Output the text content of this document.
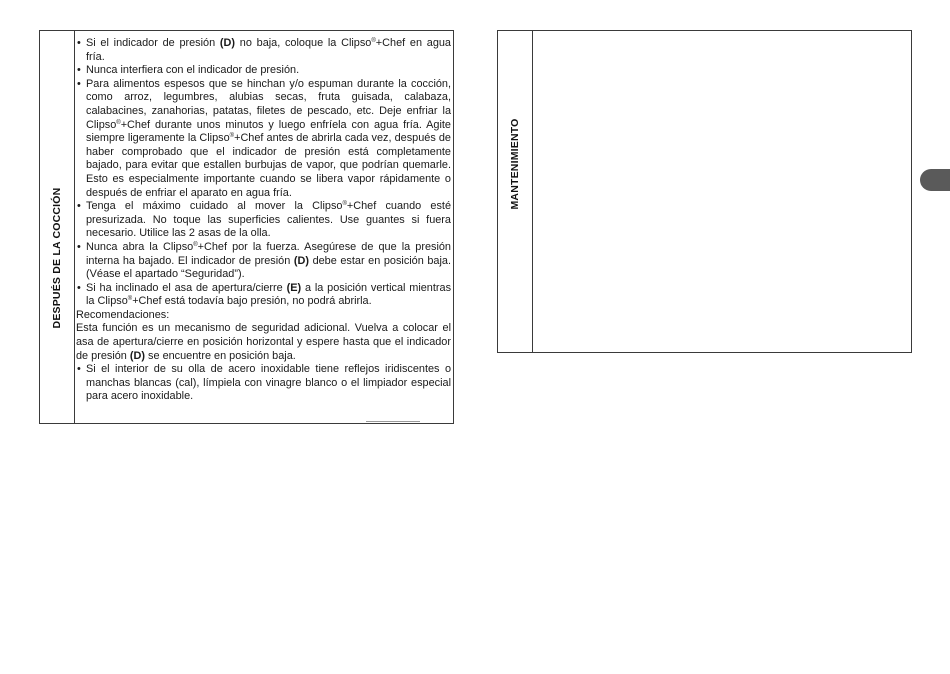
DESPUÉS DE LA COCCIÓN
• Si el indicador de presión (D) no baja, coloque la Clipso®+Chef en agua fría.
• Nunca interfiera con el indicador de presión.
• Para alimentos espesos que se hinchan y/o espuman durante la cocción, como arroz, legumbres, alubias secas, fruta guisada, calabaza, calabacines, zanahorias, patatas, filetes de pescado, etc. Deje enfriar la Clipso®+Chef durante unos minutos y luego enfríela con agua fría. Agite siempre ligeramente la Clipso®+Chef antes de abrirla cada vez, después de haber comprobado que el indicador de presión está completamente bajado, para evitar que estallen burbujas de vapor, que podrían quemarle. Esto es especialmente importante cuando se libera vapor rápidamente o después de enfriar el aparato en agua fría.
• Tenga el máximo cuidado al mover la Clipso®+Chef cuando esté presurizada. No toque las superficies calientes. Use guantes si fuera necesario. Utilice las 2 asas de la olla.
• Nunca abra la Clipso®+Chef por la fuerza. Asegúrese de que la presión interna ha bajado. El indicador de presión (D) debe estar en posición baja. (Véase el apartado “Seguridad”).
• Si ha inclinado el asa de apertura/cierre (E) a la posición vertical mientras la Clipso®+Chef está todavía bajo presión, no podrá abrirla.

Recomendaciones:

Esta función es un mecanismo de seguridad adicional. Vuelva a colocar el asa de apertura/cierre en posición horizontal y espere hasta que el indicador de presión (D) se encuentre en posición baja.

• Si el interior de su olla de acero inoxidable tiene reflejos iridiscentes o manchas blancas (cal), límpiela con vinagre blanco o el limpiador especial para acero inoxidable.
MANTENIMIENTO
